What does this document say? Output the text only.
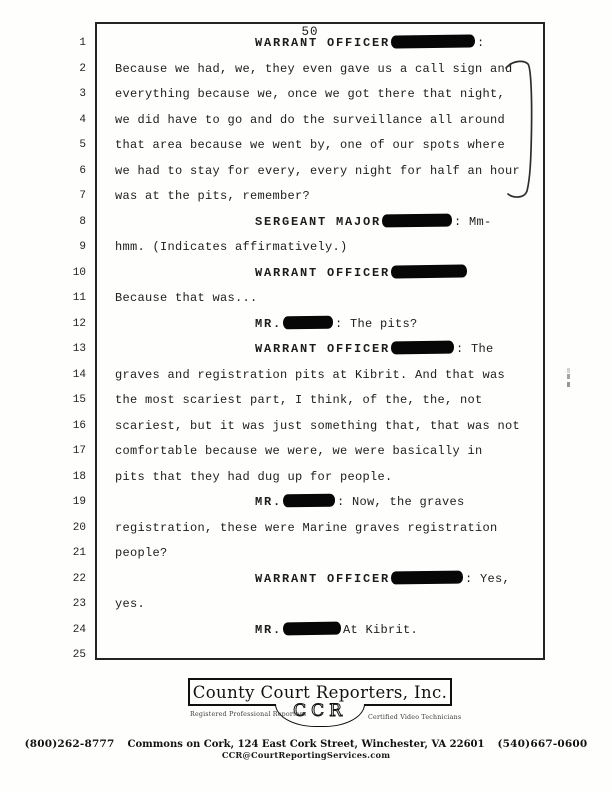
50
1	WARRANT OFFICER	:
2 Because we had, we, they even gave us a call sign and
3 everything because we, once we got there that night,
4 we did have to go and do the surveillance all around
5 that area because we went by, one of our spots where
6 we had to stay for every, every night for half an hour
7 was at the pits, remember?
8	SERGEANT MAJOR	: Mm-
9 hmm. (Indicates affirmatively.)
10	WARRANT OFFICER
11 Because that was...
12	MR.	: The pits?
13	WARRANT OFFICER	: The
14 graves and registration pits at Kibrit. And that was
15 the most scariest part, I think, of the, the, not
16 scariest, but it was just something that, that was not
17 comfortable because we were, we were basically in
18 pits that they had dug up for people.
19	MR.	: Now, the graves
20 registration, these were Marine graves registration
21 people?
22	WARRANT OFFICER	: Yes,
23 yes.
24	MR.	At Kibrit.
25
County Court Reporters, Inc.
CCR
Registered Professional Reporters	Certified Video Technicians
(800)262-8777 Commons on Cork, 124 East Cork Street, Winchester, VA 22601 (540)667-0600
CCR@CourtReportingServices.com
